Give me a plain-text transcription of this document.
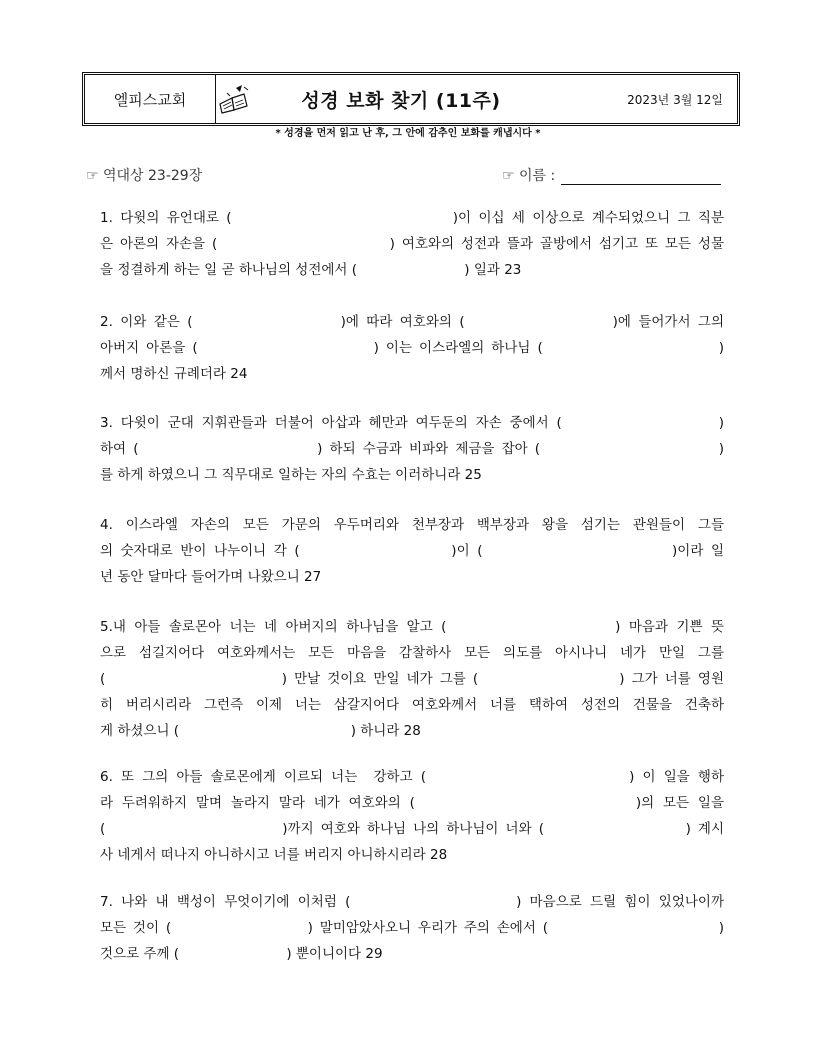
엘피스교회	성경 보화 찾기 (11주)	2023년 3월 12일
* 성경을 먼저 읽고 난 후, 그 안에 감추인 보화를 캐냅시다 *
☞ 역대상 23-29장	☞ 이름 :
1. 다윗의 유언대로 (                              )이 이십 세 이상으로 계수되었으니 그 직분
은 아론의 자손을 (                         ) 여호와의 성전과 뜰과 골방에서 섬기고 또 모든 성물
을 정결하게 하는 일 곧 하나님의 성전에서 (                         ) 일과 23
2. 이와 같은 (                    )에 따라 여호와의 (                    )에 들어가서 그의
아버지 아론을 (                         ) 이는 이스라엘의 하나님 (                         )
께서 명하신 규례더라 24
3. 다윗이 군대 지휘관들과 더불어 아삽과 헤만과 여두둔의 자손 중에서 (                    )
하여 (                         ) 하되 수금과 비파와 제금을 잡아 (                         )
를 하게 하였으니 그 직무대로 일하는 자의 수효는 이러하니라 25
4. 이스라엘 자손의 모든 가문의 우두머리와 천부장과 백부장과 왕을 섬기는 관원들이 그들
의 숫자대로 반이 나누이니 각 (                    )이 (                         )이라 일
년 동안 달마다 들어가며 나왔으니 27
5.내 아들 솔로몬아 너는 네 아버지의 하나님을 알고 (                    ) 마음과 기쁜 뜻
으로 섬길지어다 여호와께서는 모든 마음을 감찰하사 모든 의도를 아시나니 네가 만일 그를
(                         ) 만날 것이요 만일 네가 그를 (                    ) 그가 너를 영원
히 버리시리라 그런즉 이제 너는 삼갈지어다 여호와께서 너를 택하여 성전의 건물을 건축하
게 하셨으니 (                                        ) 하니라 28
6. 또 그의 아들 솔로몬에게 이르되 너는  강하고 (                         ) 이 일을 행하
라 두려워하지 말며 놀라지 말라 네가 여호와의 (                         )의 모든 일을
(                         )까지 여호와 하나님 나의 하나님이 너와 (                    ) 계시
사 네게서 떠나지 아니하시고 너를 버리지 아니하시리라 28
7. 나와 내 백성이 무엇이기에 이처럼 (                    ) 마음으로 드릴 힘이 있었나이까
모든 것이 (                    ) 말미암았사오니 우리가 주의 손에서 (                         )
것으로 주께 (                         ) 뿐이니이다 29
